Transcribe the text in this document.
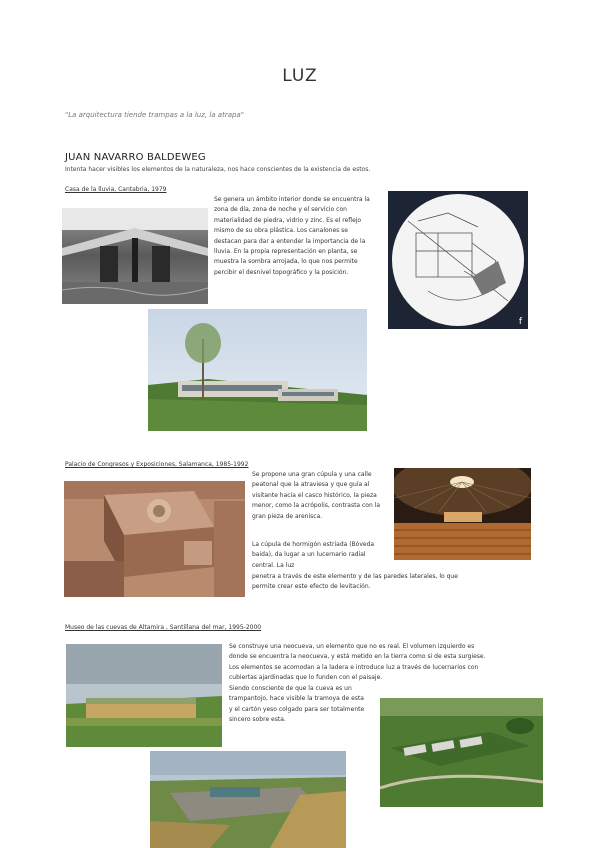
LUZ
"La arquitectura tiende trampas a la luz, la atrapa"
JUAN NAVARRO BALDEWEG
Intenta hacer visibles los elementos de la naturaleza, nos hace conscientes de la existencia de estos.
Casa de la lluvia, Cantabria, 1979
Se genera un ámbito interior donde se encuentra la zona de día, zona de noche y el servicio con materialidad de piedra, vidrio y zinc. Es el reflejo mismo de su obra plástica. Los canalones se destacan para dar a entender la importancia de la lluvia. En la propia representación en planta, se muestra la sombra arrojada, lo que nos permite percibir el desnivel topográfico y la posición.
f
Palacio de Congresos y Exposiciones, Salamanca, 1985-1992
Se propone una gran cúpula y una calle peatonal que la atraviesa y que guía al visitante hacia el casco histórico, la pieza menor, como la acrópolis, contrasta con la gran pieza de arenisca.
La cúpula de hormigón estriada (Bóveda baida), da lugar a un lucernario radial central. La luz
penetra a través de este elemento y de las paredes laterales, lo que permite crear este efecto de levitación.
Museo de las cuevas de Altamira , Santillana del mar, 1995-2000
Se construye una neocueva, un elemento que no es real. El volumen izquierdo es donde se encuentra la neocueva, y está metido en la tierra como si de esta surgiese. Los elementos se acomodan a la ladera e introduce luz a través de lucernarios con cubiertas ajardinadas que lo funden con el paisaje.
Siendo consciente de que la cueva es un trampantojo, hace visible la tramoya de esta y el cartón yeso colgado para ser totalmente sincero sobre esta.
